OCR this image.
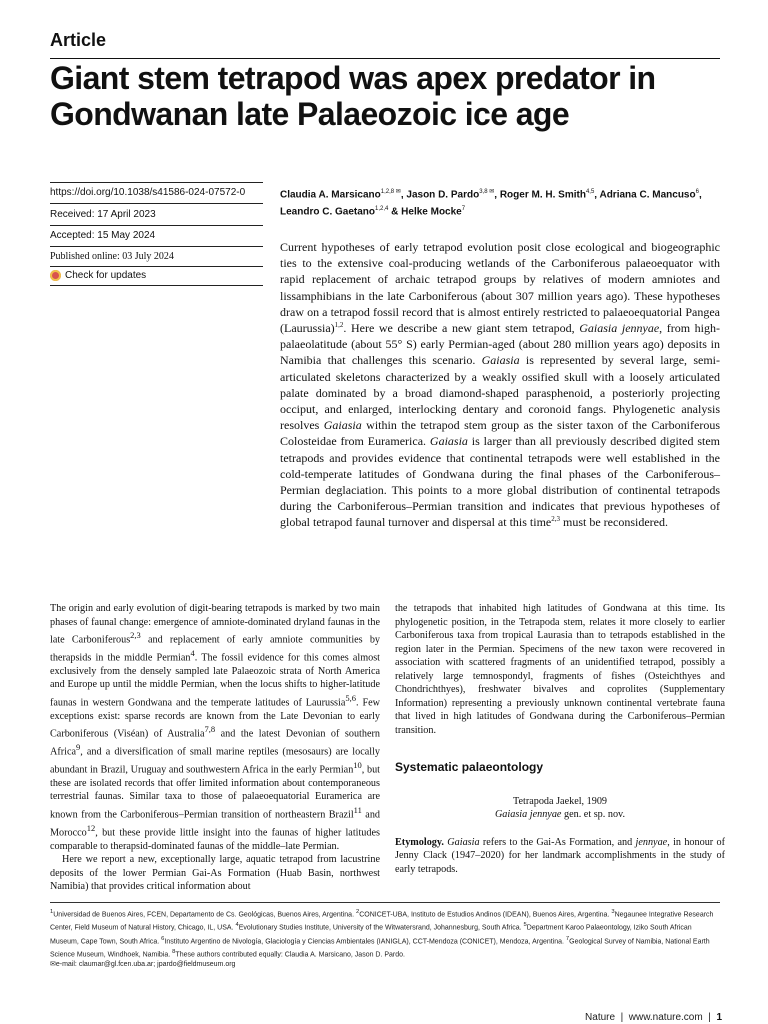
Article
Giant stem tetrapod was apex predator in
Gondwanan late Palaeozoic ice age
https://doi.org/10.1038/s41586-024-07572-0
Received: 17 April 2023
Accepted: 15 May 2024
Published online: 03 July 2024
Check for updates

Claudia A. Marsicano$^{1,2,8 ✉}$, Jason D. Pardo$^{3,8 ✉}$, Roger M. H. Smith$^{4,5}$, Adriana C. Mancuso$^6$, Leandro C. Gaetano$^{1,2,4}$ & Helke Mocke$^7$

Current hypotheses of early tetrapod evolution posit close ecological and biogeographic ties to the extensive coal-producing wetlands of the Carboniferous palaeoequator with rapid replacement of archaic tetrapod groups by relatives of modern amniotes and lissamphibians in the late Carboniferous (about 307 million years ago). These hypotheses draw on a tetrapod fossil record that is almost entirely restricted to palaeoequatorial Pangea (Laurussia)$^{1,2}$. Here we describe a new giant stem tetrapod, Gaiasia jennyae, from high-palaeolatitude (about 55° S) early Permian-aged (about 280 million years ago) deposits in Namibia that challenges this scenario. Gaiasia is represented by several large, semi-articulated skeletons characterized by a weakly ossified skull with a loosely articulated palate dominated by a broad diamond-shaped parasphenoid, a posteriorly projecting occiput, and enlarged, interlocking dentary and coronoid fangs. Phylogenetic analysis resolves Gaiasia within the tetrapod stem group as the sister taxon of the Carboniferous Colosteidae from Euramerica. Gaiasia is larger than all previously described digited stem tetrapods and provides evidence that continental tetrapods were well established in the cold-temperate latitudes of Gondwana during the final phases of the Carboniferous–Permian deglaciation. This points to a more global distribution of continental tetrapods during the Carboniferous–Permian transition and indicates that previous hypotheses of global tetrapod faunal turnover and dispersal at this time$^{2,3}$ must be reconsidered.

The origin and early evolution of digit-bearing tetrapods is marked by two main phases of faunal change: emergence of amniote-dominated dryland faunas in the late Carboniferous$^{2,3}$ and replacement of early amniote communities by therapsids in the middle Permian$^4$. The fossil evidence for this comes almost exclusively from the densely sampled late Palaeozoic strata of North America and Europe up until the middle Permian, when the locus shifts to higher-latitude faunas in western Gondwana and the temperate latitudes of Laurussia$^{5,6}$. Few exceptions exist: sparse records are known from the Late Devonian to early Carboniferous (Viséan) of Australia$^{7,8}$ and the latest Devonian of southern Africa$^9$, and a diversification of small marine reptiles (mesosaurs) are locally abundant in Brazil, Uruguay and southwestern Africa in the early Permian$^{10}$, but these are isolated records that offer limited information about contemporaneous terrestrial faunas. Similar taxa to those of palaeoequatorial Euramerica are known from the Carboniferous–Permian transition of northeastern Brazil$^{11}$ and Morocco$^{12}$, but these provide little insight into the faunas of higher latitudes comparable to therapsid-dominated faunas of the middle–late Permian.

Here we report a new, exceptionally large, aquatic tetrapod from lacustrine deposits of the lower Permian Gai-As Formation (Huab Basin, northwest Namibia) that provides critical information about

the tetrapods that inhabited high latitudes of Gondwana at this time. Its phylogenetic position, in the Tetrapoda stem, relates it more closely to earlier Carboniferous taxa from tropical Laurasia than to tetrapods established in the region later in the Permian. Specimens of the new taxon were recovered in association with scattered fragments of an unidentified tetrapod, possibly a relatively large temnospondyl, fragments of fishes (Osteichthyes and Chondrichthyes), freshwater bivalves and coprolites (Supplementary Information) representing a previously unknown continental vertebrate fauna that lived in high latitudes of Gondwana during the Carboniferous–Permian transition.

Systematic palaeontology

Tetrapoda Jaekel, 1909

Gaiasia jennyae gen. et sp. nov.

Etymology. Gaiasia refers to the Gai-As Formation, and jennyae, in honour of Jenny Clack (1947–2020) for her landmark accomplishments in the study of early tetrapods.

$^1$Universidad de Buenos Aires, FCEN, Departamento de Cs. Geológicas, Buenos Aires, Argentina. $^2$CONICET-UBA, Instituto de Estudios Andinos (IDEAN), Buenos Aires, Argentina. $^3$Negaunee Integrative Research Center, Field Museum of Natural History, Chicago, IL, USA. $^4$Evolutionary Studies Institute, University of the Witwatersrand, Johannesburg, South Africa. $^5$Department Karoo Palaeontology, Iziko South African Museum, Cape Town, South Africa. $^6$Instituto Argentino de Nivología, Glaciología y Ciencias Ambientales (IANIGLA), CCT-Mendoza (CONICET), Mendoza, Argentina. $^7$Geological Survey of Namibia, National Earth Science Museum, Windhoek, Namibia. $^8$These authors contributed equally: Claudia A. Marsicano, Jason D. Pardo.

✉e-mail: claumar@gl.fcen.uba.ar; jpardo@fieldmuseum.org

Nature | www.nature.com | 1
